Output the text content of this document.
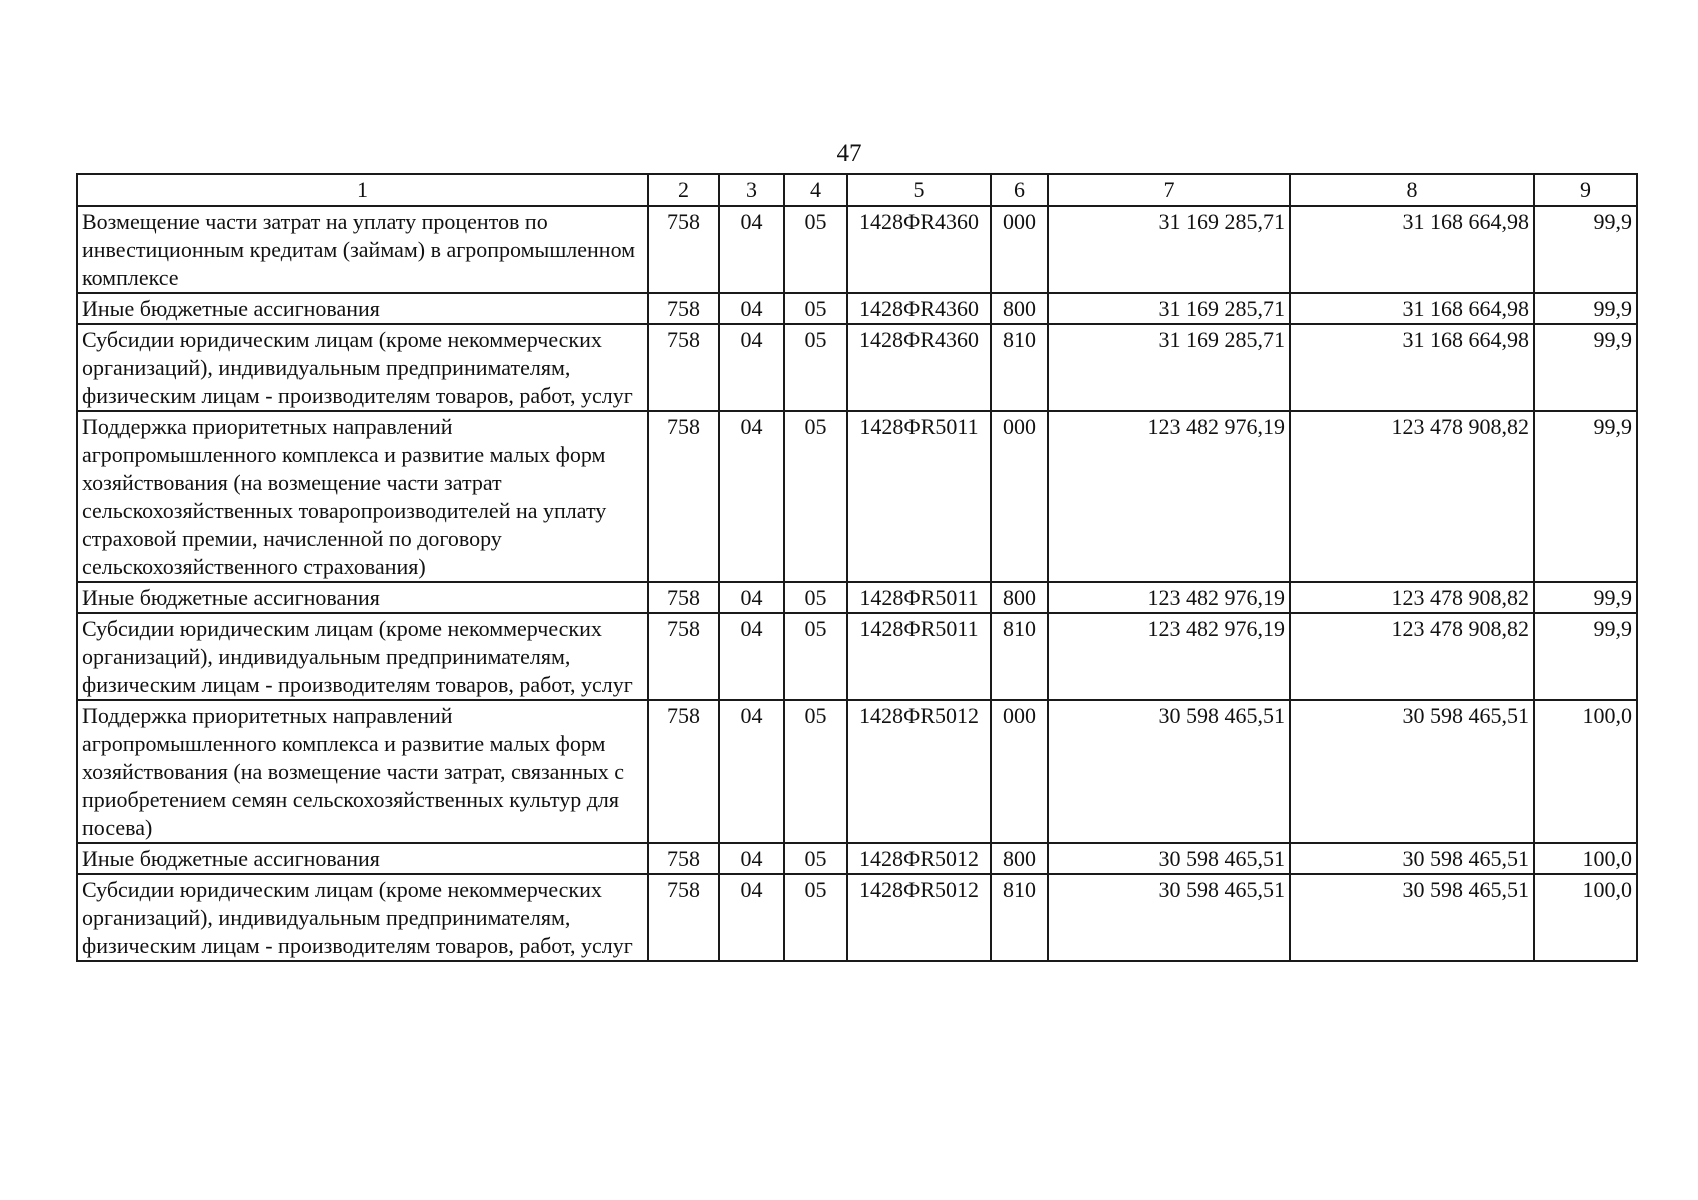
47
1	2	3	4	5	6	7	8	9
Возмещение части затрат на уплату процентов по инвестиционным кредитам (займам) в агропромышленном комплексе	758	04	05	1428ФR4360	000	31 169 285,71	31 168 664,98	99,9
Иные бюджетные ассигнования	758	04	05	1428ФR4360	800	31 169 285,71	31 168 664,98	99,9
Субсидии юридическим лицам (кроме некоммерческих организаций), индивидуальным предпринимателям, физическим лицам - производителям товаров, работ, услуг	758	04	05	1428ФR4360	810	31 169 285,71	31 168 664,98	99,9
Поддержка приоритетных направлений агропромышленного комплекса и развитие малых форм хозяйствования (на возмещение части затрат сельскохозяйственных товаропроизводителей на уплату страховой премии, начисленной по договору сельскохозяйственного страхования)	758	04	05	1428ФR5011	000	123 482 976,19	123 478 908,82	99,9
Иные бюджетные ассигнования	758	04	05	1428ФR5011	800	123 482 976,19	123 478 908,82	99,9
Субсидии юридическим лицам (кроме некоммерческих организаций), индивидуальным предпринимателям, физическим лицам - производителям товаров, работ, услуг	758	04	05	1428ФR5011	810	123 482 976,19	123 478 908,82	99,9
Поддержка приоритетных направлений агропромышленного комплекса и развитие малых форм хозяйствования (на возмещение части затрат, связанных с приобретением семян сельскохозяйственных культур для посева)	758	04	05	1428ФR5012	000	30 598 465,51	30 598 465,51	100,0
Иные бюджетные ассигнования	758	04	05	1428ФR5012	800	30 598 465,51	30 598 465,51	100,0
Субсидии юридическим лицам (кроме некоммерческих организаций), индивидуальным предпринимателям, физическим лицам - производителям товаров, работ, услуг	758	04	05	1428ФR5012	810	30 598 465,51	30 598 465,51	100,0
